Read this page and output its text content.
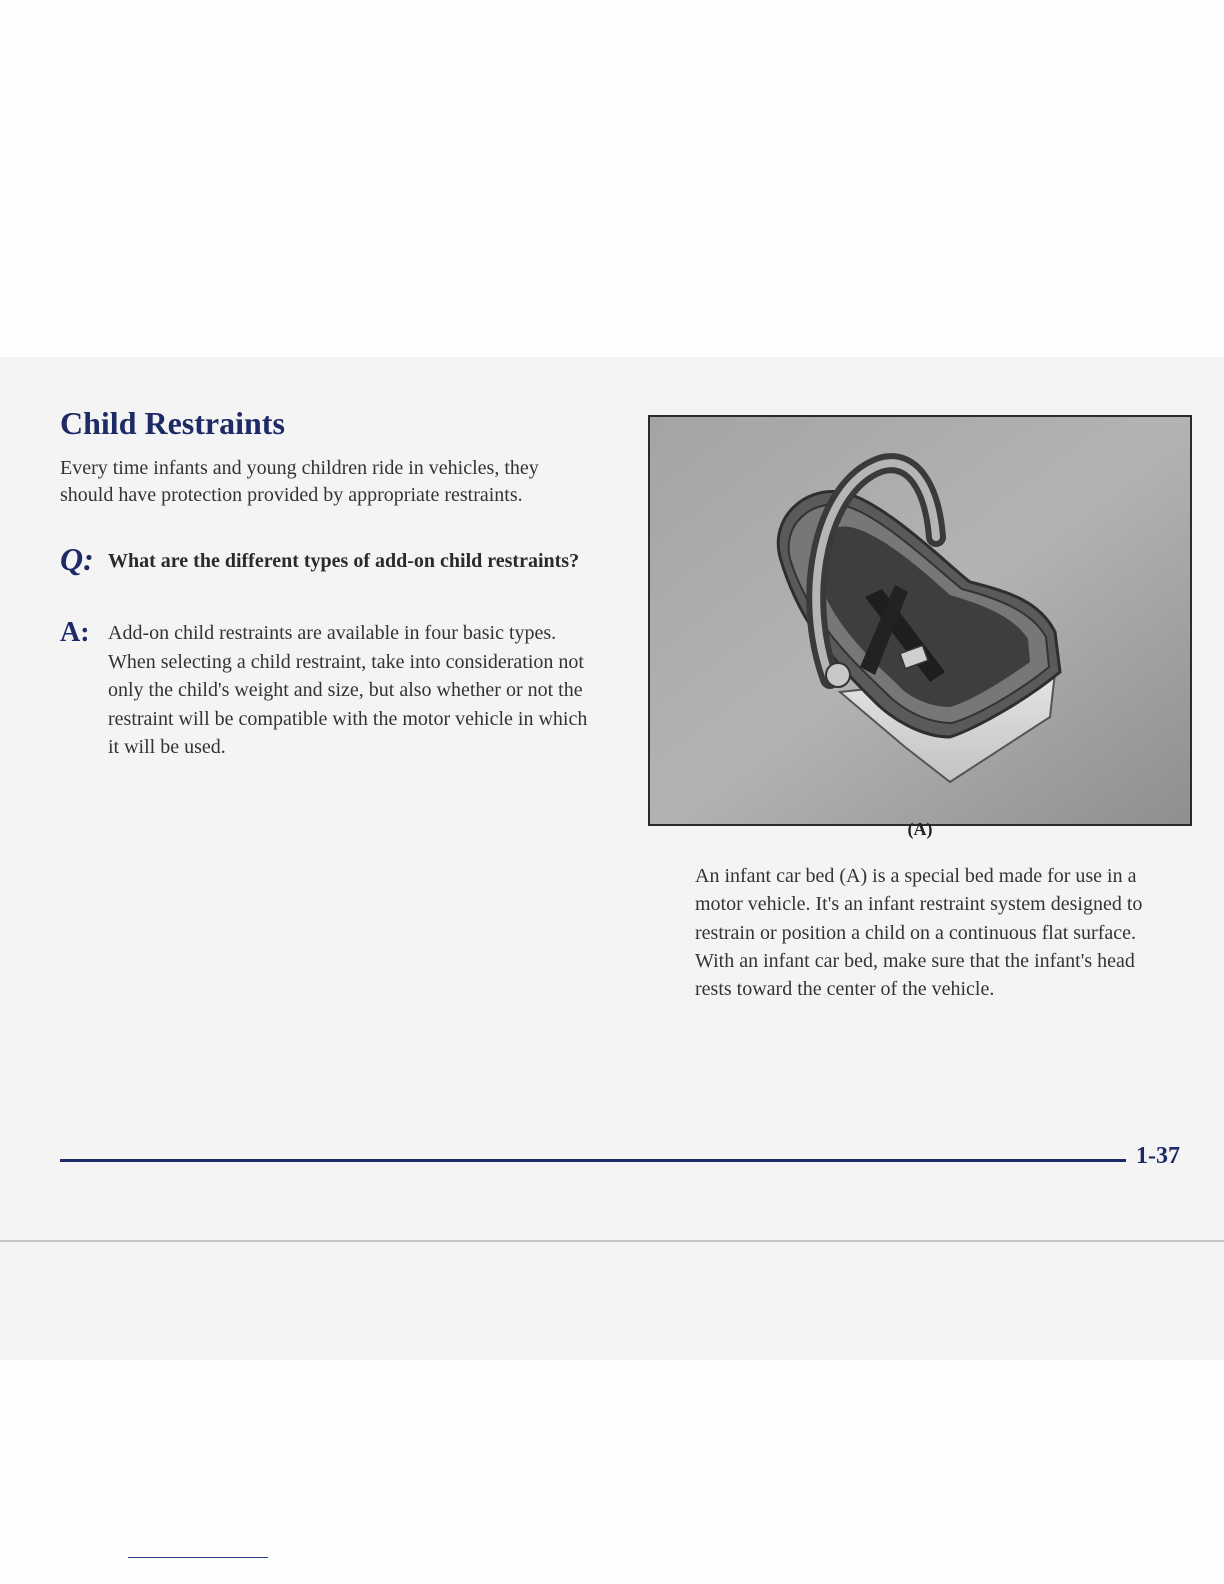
Child Restraints

Every time infants and young children ride in vehicles, they should have protection provided by appropriate restraints.

Q: What are the different types of add-on child restraints?
A: Add-on child restraints are available in four basic types. When selecting a child restraint, take into consideration not only the child's weight and size, but also whether or not the restraint will be compatible with the motor vehicle in which it will be used.
(A)

An infant car bed (A) is a special bed made for use in a motor vehicle. It's an infant restraint system designed to restrain or position a child on a continuous flat surface. With an infant car bed, make sure that the infant's head rests toward the center of the vehicle.

1-37
